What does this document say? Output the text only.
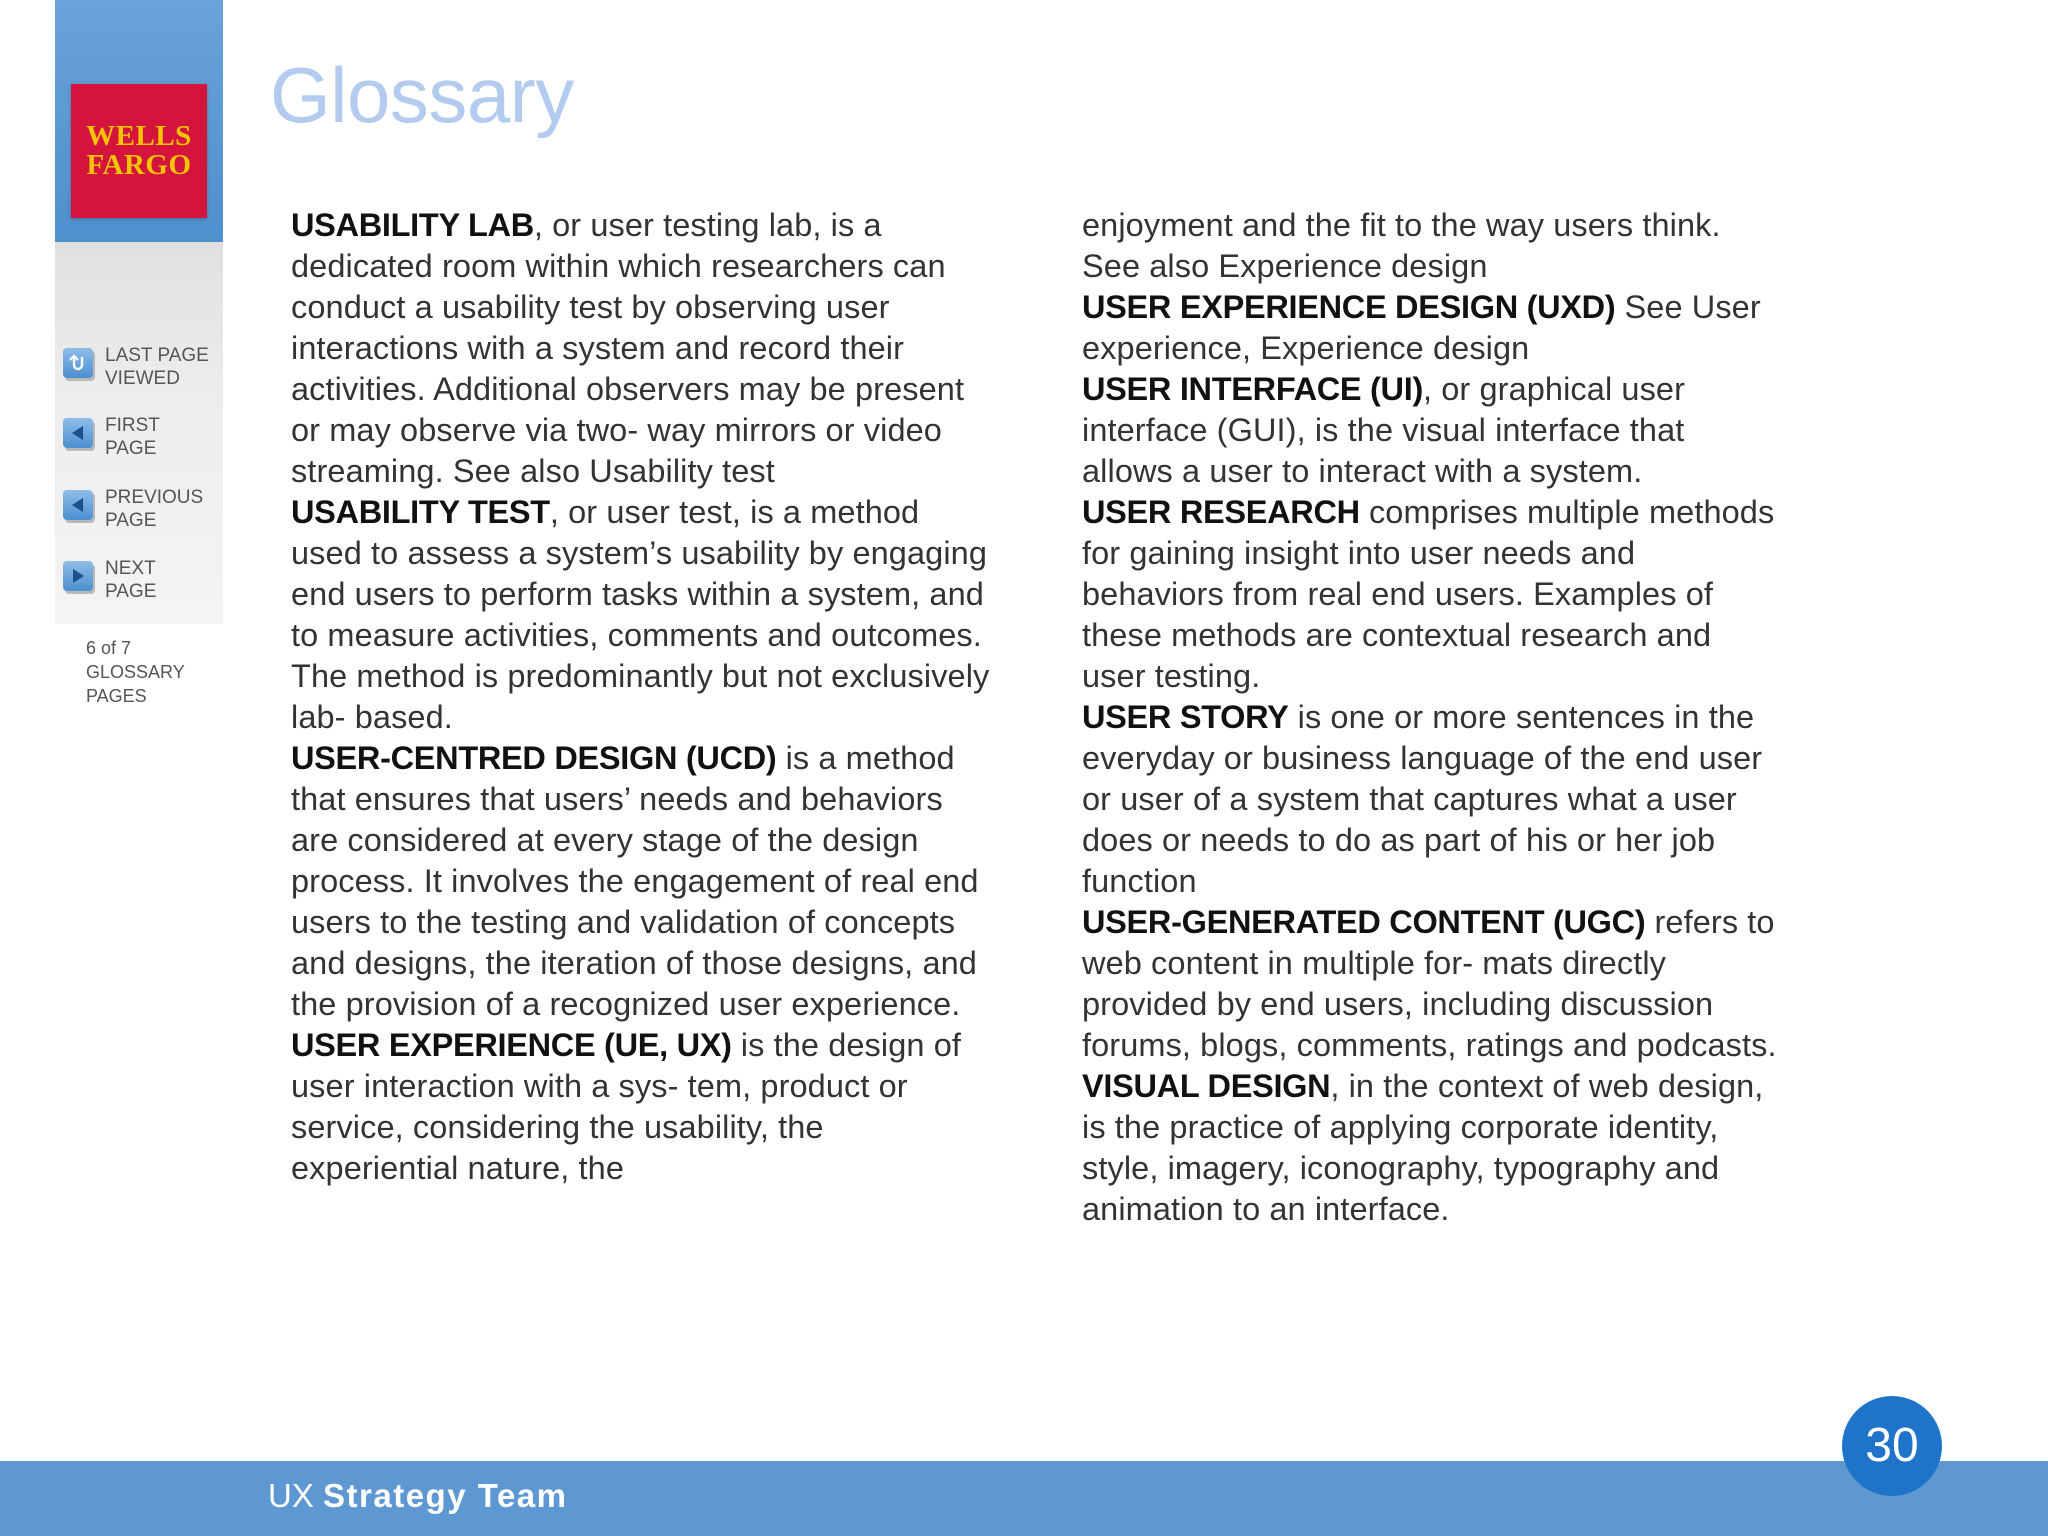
WELLS
FARGO
LAST PAGE
VIEWED
FIRST
PAGE
PREVIOUS
PAGE
NEXT
PAGE
6 of 7
GLOSSARY
PAGES
Glossary

USABILITY LAB, or user testing lab, is a dedicated room within which researchers can conduct a usability test by observing user interactions with a system and record their activities. Additional observers may be present or may observe via two- way mirrors or video streaming. See also Usability test

USABILITY TEST, or user test, is a method used to assess a system’s usability by engaging end users to perform tasks within a system, and to measure activities, comments and outcomes. The method is predominantly but not exclusively lab- based.

USER-CENTRED DESIGN (UCD) is a method that ensures that users’ needs and behaviors are considered at every stage of the design process. It involves the engagement of real end users to the testing and validation of concepts and designs, the iteration of those designs, and the provision of a recognized user experience.

USER EXPERIENCE (UE, UX) is the design of user interaction with a sys- tem, product or service, considering the usability, the experiential nature, the

enjoyment and the fit to the way users think. See also Experience design

USER EXPERIENCE DESIGN (UXD) See User experience, Experience design

USER INTERFACE (UI), or graphical user interface (GUI), is the visual interface that allows a user to interact with a system.

USER RESEARCH comprises multiple methods for gaining insight into user needs and behaviors from real end users. Examples of these methods are contextual research and user testing.

USER STORY is one or more sentences in the everyday or business language of the end user or user of a system that captures what a user does or needs to do as part of his or her job function

USER-GENERATED CONTENT (UGC) refers to web content in multiple for- mats directly provided by end users, including discussion forums, blogs, comments, ratings and podcasts.

VISUAL DESIGN, in the context of web design, is the practice of applying corporate identity, style, imagery, iconography, typography and animation to an interface.

UX Strategy Team
30
